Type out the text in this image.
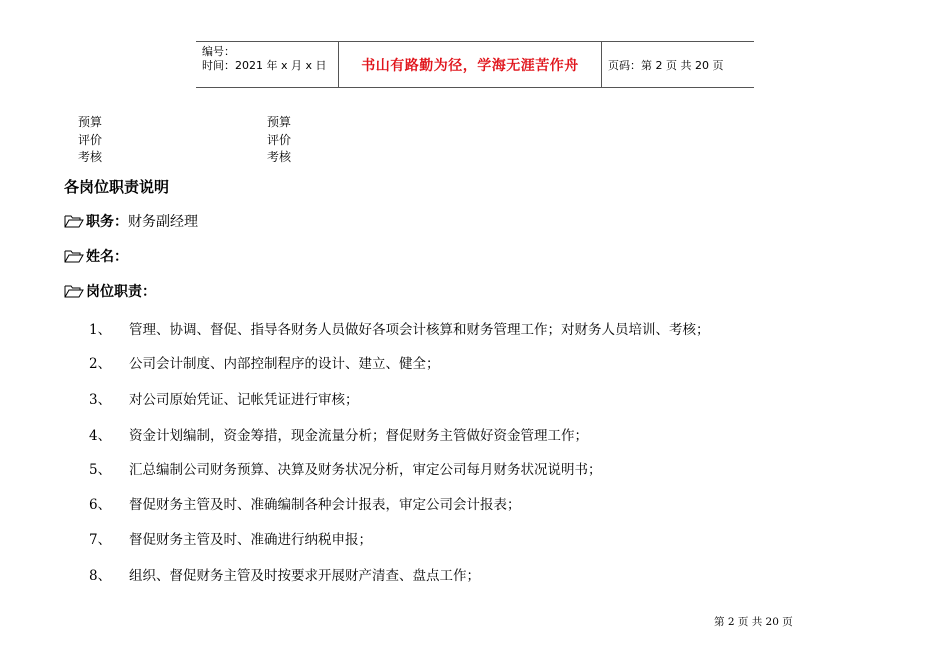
编号：
时间：2021 年 x 月 x 日	书山有路勤为径，学海无涯苦作舟	页码：第 2 页 共 20 页
预算
评价
考核
预算
评价
考核
各岗位职责说明
职务： 财务副经理
姓名：
岗位职责：
1、 管理、协调、督促、指导各财务人员做好各项会计核算和财务管理工作；对财务人员培训、考核；
2、 公司会计制度、内部控制程序的设计、建立、健全；
3、 对公司原始凭证、记帐凭证进行审核；
4、 资金计划编制，资金筹措，现金流量分析；督促财务主管做好资金管理工作；
5、 汇总编制公司财务预算、决算及财务状况分析，审定公司每月财务状况说明书；
6、 督促财务主管及时、准确编制各种会计报表，审定公司会计报表；
7、 督促财务主管及时、准确进行纳税申报；
8、 组织、督促财务主管及时按要求开展财产清查、盘点工作；
第 2 页 共 20 页
